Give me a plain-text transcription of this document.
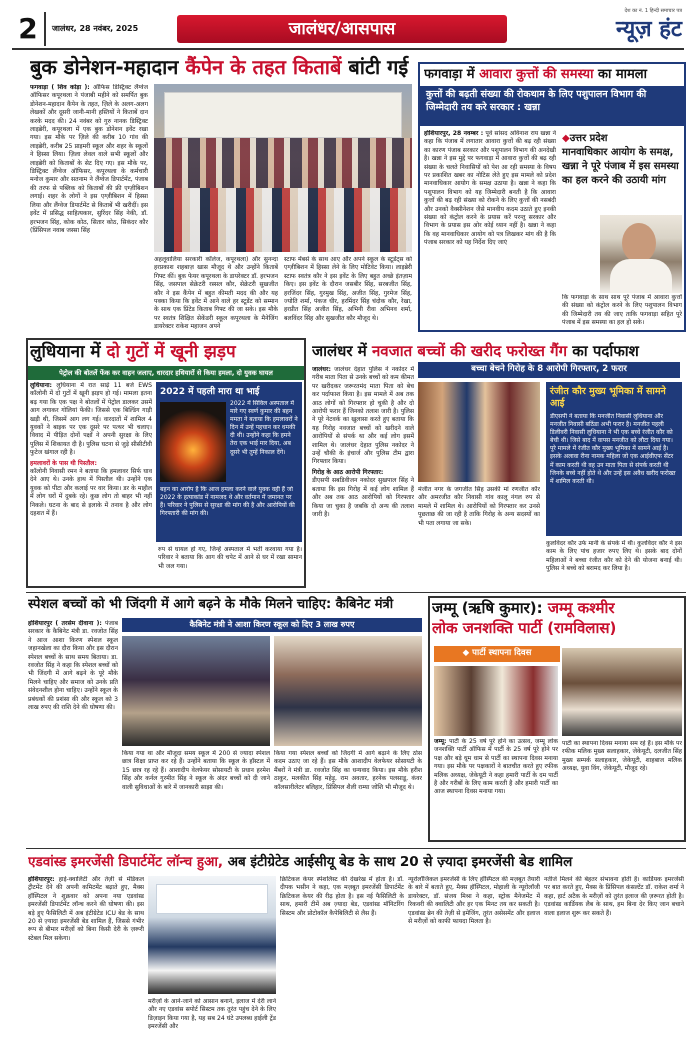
2	जालंधर, 28 नवंबर, 2025	जालंधर/आसपास
देश का नं. 1 हिन्दी समाचार पत्र
न्यूज़ हंट
बुक डोनेशन-महादान कैंपेन के तहत किताबें बांटी गई
फगवाड़ा ( शिव कोड़ा ): ऑफिस डिस्ट्रिक्ट लैंग्वेज ऑफिसर कपूरथला ने पंजाबी महीने को समर्पित बुक डोनेशन-महादान कैंपेन के तहत, ज़िले के अलग-अलग लेखकों और दूसरी जानी-मानी हस्तियों ने किताबें दान करके मदद की। 24 नवंबर को गुरु नानक डिस्ट्रिक्ट लाइब्रेरी, कपूरथला में एक बुक डोनेशन इवेंट रखा गया। इस मौके पर ज़िले की करीब 10 गांव की लाइब्रेरी, करीब 25 प्राइमरी स्कूल और शहर के स्कूलों ने हिस्सा लिया। ज़िला लेवल वाले सभी स्कूलों और लाइब्रेरी को किताबों के सेट दिए गए। इस मौके पर, डिस्ट्रिक्ट लैंग्वेज ऑफिसर, कपूरथला के कर्मचारी मनोज कुमार और सतनाम ने लैंग्वेज डिपार्टमेंट, पंजाब की तरफ से पब्लिक को किताबों की फ्री एग्ज़ीबिशन लगाई। शहर के लोगों ने इस एग्ज़ीबिशन में हिस्सा लिया और लैंग्वेज डिपार्टमेंट से किताबें भी खरीदीं। इस इवेंट में प्रसिद्ध साहित्यकार, सुरिंदर सिंह नेकी, डॉ. हरभजन सिंह, कोक कोठ, सितार कोठ, सिकंदर कौर (प्रिंसिपल नवाब जस्सा सिंह
अहलूवालिया सरकारी कॉलेज, कपूरथला) और सुनन्दा हरप्रकाश शहबाज़ खास मौजूद थे और उन्होंने किताबें गिफ्ट कीं। बुक फेयर कपूरथला के डायरेक्टर डॉ. हरभजन सिंह, जसपाल सेक्रेटरी रस्सल कौर, सेक्रेटरी सुखजीत कौर ने इस कैंपेन में बहुत कीमती मदद की और यह पक्का किया कि इवेंट में आने वाले हर स्टूडेंट को सम्मान के साथ एक प्रिंटेड किताब गिफ्ट की जा सके। इस मौके पर स्वतंत्र शिक्षित सेकेंडरी स्कूल कपूरथला के मैनेजिंग डायरेक्टर राकेश महाजन अपने
स्टाफ मेंबर्स के साथ आए और अपने स्कूल के स्टूडेंट्स को एग्ज़ीबिशन में हिस्सा लेने के लिए मोटिवेट किया। लाइब्रेरी स्टाफ स्वतंत्र कौर ने इस इवेंट के लिए बहुत अच्छे इंतज़ाम किए। इस इवेंट के दौरान जसबीर सिंह, सरबजीत सिंह, हरजिंदर सिंह, गुरमुख सिंह, अजीत सिंह, गुरमेज सिंह, ज्योति शर्मा, पंकज धीर, हरमिंदर सिंह चंदोक कौर, रेखा, हरप्रीत सिंह अजीत सिंह, अभिनी रीवा अभिनव शर्मा, बलविंदर सिंह और सुखजीत कौर मौजूद थे।
फगवाड़ा में आवारा कुत्तों की समस्या का मामला
कुत्तों की बढ़ती संख्या की रोकथाम के लिए पशुपालन विभाग की जिम्मेदारी तय करे सरकार : खन्ना
होशियारपुर, 28 नवम्बर : पूर्व सांसद अविनाश राय खन्ना ने कहा कि पंजाब में लगातार आवारा कुत्तों की बढ़ रही संख्या का कारण पंजाब सरकार और पशुपालन विभाग की अनदेखी है। खन्ना ने इस मुद्दे पर फगवाड़ा में आवारा कुत्तों की बढ़ रही संख्या के चलते निवासियों को पेश आ रही समस्या के विषय पर प्रकाशित खबर का नोटिस लेते हुए इस मामले को प्रदेश मानवाधिकार आयोग के समक्ष उठाया है। खन्ना ने कहा कि पशुपालन विभाग को यह जिम्मेदारी बनती है कि आवारा कुत्तों की बढ़ रही संख्या को रोकने के लिए कुत्तों की नसबंदी और उनको वैक्सीनेशन जैसे मानवीय कदम उठाते हुए इनकी संख्या को कंट्रोल करने के प्रयास करें परन्तु सरकार और विभाग के प्रयास इस ओर कोई ध्यान नहीं है। खन्ना ने कहा कि वह मानवाधिकार आयोग को पत्र लिखकर मांग की है कि पंजाब सरकार को यह निर्देश दिए जाएं
◆उत्तर प्रदेश
मानवाधिकार आयोग के समक्ष, खन्ना ने पूरे पंजाब में इस समस्या का हल करने की उठायी मांग
कि फगवाड़ा के साथ साथ पूरे पंजाब में आवारा कुत्तों की संख्या को कंट्रोल करने के लिए पशुपालन विभाग की जिम्मेदारी तय की जाए ताकि फगवाड़ा सहित पूरे पंजाब में इस समस्या का हल हो सके।
लुधियाना में दो गुटों में खूनी झड़प
पेट्रोल की बोतलें फेंक कर वाहन जलाए, धारदार हथियारों से किया हमला, दो युवक घायल
लुधियाना: लुधियाना में रात साढ़े 11 बजे EWS कॉलोनी में दो गुटों में खूनी झड़प हो गई। मामला इतना बढ़ गया कि एक पक्ष ने बोतलों में पेट्रोल डालकर उसमें आग लगाकर गोलियां फेंकी। जिससे एक बिल्डिंग गाड़ी खड़ी थी, जिसमें आग लग गई। वारदातों में शामिल 4 युवकों ने बाइक पर एक दूसरे पर पत्थर भी चलाए। विवाद में पीड़ित दोनों पक्षों ने अपनी सुरक्षा के लिए पुलिस में शिकायत दी है। पुलिस घटना से जुड़े सीसीटीवी फुटेज खंगाल रही है।
हमलावरों के पास थी पिस्तौल:
कॉलोनी निवासी रमन ने बताया कि हमलावर सिर्फ घाव देने आए थे। उनके हाथ में पिस्तौल थी। उन्होंने एक युवक को पीटा और कलाई पर वार किया। डर के माहौल में लोग घरों में दुबके रहे। कुछ लोग तो बाहर भी नहीं निकले। घटना के बाद से इलाके में तनाव है और लोग दहशत में हैं।
2022 में पहली मारा था भाई
2022 में सिविल अस्पताल में मारे गए स्वर्ण कुमार की बहन ममता ने बताया कि हमलावरों ने दिन में उन्हें पहचान कर धमकी दी थी। उन्होंने कहा कि हमने तेरा एक भाई मार दिया, अब दूसरे भी तुम्हें निकाल देंगे।
बहन का आरोप है कि आज हमला करने वाले युवक वही हैं जो 2022 के हत्याकांड में नामजद थे और वर्तमान में जमानत पर हैं। परिवार ने पुलिस से सुरक्षा की मांग की है और आरोपियों की गिरफ्तारी की मांग की।
रुप से घायल हो गए, जिन्हें अस्पताल में भर्ती करवाया गया है। परिवार ने बताया कि आग की चपेट में आने से घर में रखा सामान भी जल गया।
जालंधर में नवजात बच्चों की खरीद फरोख्त गैंग का पर्दाफाश
बच्चा बेचने गिरोह के 8 आरोपी गिरफ्तार, 2 फरार
जालंधर: जालंधर देहात पुलिस ने नकोदर में गरीब माता पिता से उनके बच्चों को कम कीमत पर खरीदकर जरूरतमंद माता पिता को बेच कर पर्दाफाश किया है। इस मामले में अब तक आठ लोगों को गिरफ्तार हो चुकी है और दो आरोपी फरार हैं जिनको तलाश जारी है। पुलिस ने पूरे नेटवर्क का खुलासा करते हुए बताया कि यह गिरोह नवजात बच्चों को खरीदने वाले आरोपियों से संपर्क था और कई लोग इसमें शामिल थे। जालंधर देहात पुलिस नकोदर ने उन्हें चौकी के इंचार्ज और पुलिस टीम द्वारा गिरफ्तार किया।
गिरोह के आठ आरोपी गिरफ्तार:
डीएसपी सबडिवीजन नकोदर सुखपाल सिंह ने बताया कि इस गिरोह में कई लोग शामिल हैं और अब तक आठ आरोपियों को गिरफ्तार किया जा चुका है जबकि दो अन्य की तलाश जारी है।
मंजीत नगर के जगजीत सिंह उसकी मां रणजीत कौर और अमरजीत कौर निवासी गांव कालू नंगल रुप से मामले में शामिल थे। आरोपियों को गिरफ्तार कर उनसे पूछताछ की जा रही है ताकि गिरोह के अन्य सदस्यों का भी पता लगाया जा सके।
रंजीत कौर मुख्य भूमिका में सामने आई
डीएसपी ने बताया कि मनजीत निवासी लुधियाना और मनजीत निवासी बठिंडा अभी फरार है। मनजीत पहली डिलीवरी निवासी लुधियाना ने भी एक बच्चे रंजीत कौर को बेची थी। जिसे बाद में वापस मनजीत को लौटा दिया गया। पूरे मामले में रंजीत कौर मुख्य भूमिका में सामने आई है। इसके अलावा रीना नामक महिला जो एक आईवीएफ सेंटर में काम करती थी वह उन माता पिता से संपर्क करती थी जिनके बच्चे नहीं होते थे और उन्हें इस अवैध खरीद फरोख्त में शामिल करती थी।
कुलविंदर कौर उर्फ मानी के संपर्क में थी। कुलविंदर कौर ने इस काम के लिए पांच हजार रुपए लिए थे। इसके बाद दोनों महिलाओं ने बच्चा रंजीत कौर को देने की योजना बनाई थी। पुलिस ने बच्चे को बरामद कर लिया है।
स्पेशल बच्चों को भी जिंदगी में आगे बढ़ने के मौके मिलने चाहिए: कैबिनेट मंत्री
कैबिनेट मंत्री ने आशा किरण स्कूल को दिए 3 लाख रुपए
होशियारपुर ( तरसेम दीवाना ): पंजाब सरकार के कैबिनेट मंत्री डा. रवजोत सिंह ने आज आशा किरण स्पेशल स्कूल जहानखेला का दौरा किया और इस दौरान स्पेशल बच्चों के साथ समय बिताया। डा. रवजोत सिंह ने कहा कि स्पेशल बच्चों को भी जिंदगी में आगे बढ़ने के पूरे मौके मिलने चाहिए और समाज को उनके प्रति संवेदनशील होना चाहिए। उन्होंने स्कूल के प्रबंधकों की प्रशंसा की और स्कूल को 3 लाख रुपए की राशि देने की घोषणा की।
किया गया था और मौजूदा समय स्कूल में 200 से ज्यादा स्पेशल छात्र शिक्षा प्राप्त कर रहे हैं। उन्होंने बताया कि स्कूल के हॉस्टल में 15 छात्र रह रहे हैं। आशादीप वेलफेयर सोसायटी के प्रधान हरमेश सिंह और कर्नल गुरमीत सिंह ने स्कूल के अंदर बच्चों को दी जाने वाली सुविधाओं के बारे में जानकारी साझा की।
किया गया स्पेशल बच्चों को जिंदगी में आगे बढ़ाने के लिए ठोस कदम उठाए जा रहे हैं। इस मौके आशादीप वेलफेयर सोसायटी के मैंबरों ने मंत्री डा. रवजोत सिंह का धन्यवाद किया। इस मौके हरीश ठाकुर, मलकीत सिंह महेड़ू, राम अवतार, हरनेक पलसाडू, कंवर कॉलसारीलेटर बलिहार, प्रिंसिपल शैली राम्या जोशि भी मौजूद थे।
जम्मू (ऋषि कुमार): जम्मू कश्मीर
लोक जनशक्ति पार्टी (रामविलास)
◆ पार्टी स्थापना दिवस
जम्मू: पार्टी के 25 वर्ष पूरे होने का उत्सव, जम्मू लोक जनशक्ति पार्टी ऑफिस में पार्टी के 25 वर्ष पूरे होने पर पक्ष और बड़े धूम धाम से पार्टी का स्थापना दिवस मनाया गया। इस मौके पर पक्षकारों ने बातचीत करते हुए रफीक मलिक अध्यक्ष, जेकेयूटी ने कहा हमारी पार्टी के दम पार्टी है और गरीबों के लिए काम करती है और हमारी पार्टी का आज स्थापना दिवस मनाया गया।
पार्टी का स्थापना दिवस मनाया सम रहे हैं। इस मौके पर रफीक मलिक मुख्य सलाहकार, जेकेयूटी, दलजीत सिंह मुख्य सम्पर्क सलाहकार, जेकेयूटी, शाहबाज मलिक अध्यक्ष, युवा विंग, जेकेयूटी, मौजूद रहे।
एडवांस्ड इमरजेंसी डिपार्टमेंट लॉन्च हुआ, अब इंटीग्रेटेड आईसीयू बेड के साथ 20 से ज़्यादा इमरजेंसी बेड शामिल
होशियारपुर: हाई-क्वालिटी और तेज़ी से मेडिकल ट्रीटमेंट देने की अपनी कमिटमेंट बढ़ाते हुए, मैक्स हॉस्पिटल ने शुक्रवार को अपना नया एडवांस्ड इमरजेंसी डिपार्टमेंट लॉन्च करने की घोषणा की। इस बड़े हुए फैसिलिटी में अब इंटीग्रेटेड ICU बेड के साथ 20 से ज़्यादा इमरजेंसी बेड शामिल हैं, जिससे गंभीर रूप से बीमार मरीज़ों को बिना किसी देरी के ज़रूरी स्टेबल मिल सकेगा।
मरीज़ों के आने-जाने को आसान बनाने, इलाज में देरी लाने और नए एडवांस सपोर्ट सिस्टम तक तुरंत पहुंच देने के लिए डिज़ाइन किया गया है, यह सब 24 घंटे उपलब्ध हाईली ट्रेंड इमरजेंसी और
क्रिटिकल केयर स्पेशलिस्ट की देखरेख में होता है। डॉ. दीपक भसीन ने कहा, एक मज़बूत इमरजेंसी डिपार्टमेंट क्रिटिकल केयर की रीढ़ होता है। इस नई फैसिलिटी के साथ, हमारी टीमें अब ज़्यादा बेड, एडवांस्ड मॉनिटरिंग सिस्टम और प्रोटोकॉल कैपेबिलिटी से लैस हैं।
न्यूरोलॉजिकल इमरजेंसी के लिए हॉस्पिटल की मज़बूत तैयारी के बारे में बताते हुए, मैक्स हॉस्पिटल, मोहाली के न्यूरोलॉजी डायरेक्टर, डॉ. संजय मिश्रा ने कहा, स्ट्रोक मैनेजमेंट में रिकवरी की क्वालिटी और हर एक मिनट तय कर सकती है। एडवांस्ड ब्रेन की तेज़ी से इमेजिंग, तुरंत असेसमेंट और इलाज से मरीज़ों को काफी फायदा मिलता है।
नतीजे मिलने की बेहतर संभावना होती है। कार्डियक इमरजेंसी पर बात करते हुए, मैक्स के प्रिंसिपल कंसल्टेंट डॉ. राकेश शर्मा ने कहा, हार्ट अटैक के मरीज़ों को तुरंत इलाज की ज़रूरत होती है। एडवांस्ड कार्डियक लैब के साथ, हम बिना देर किए जान बचाने वाला इलाज शुरू कर सकते हैं।
